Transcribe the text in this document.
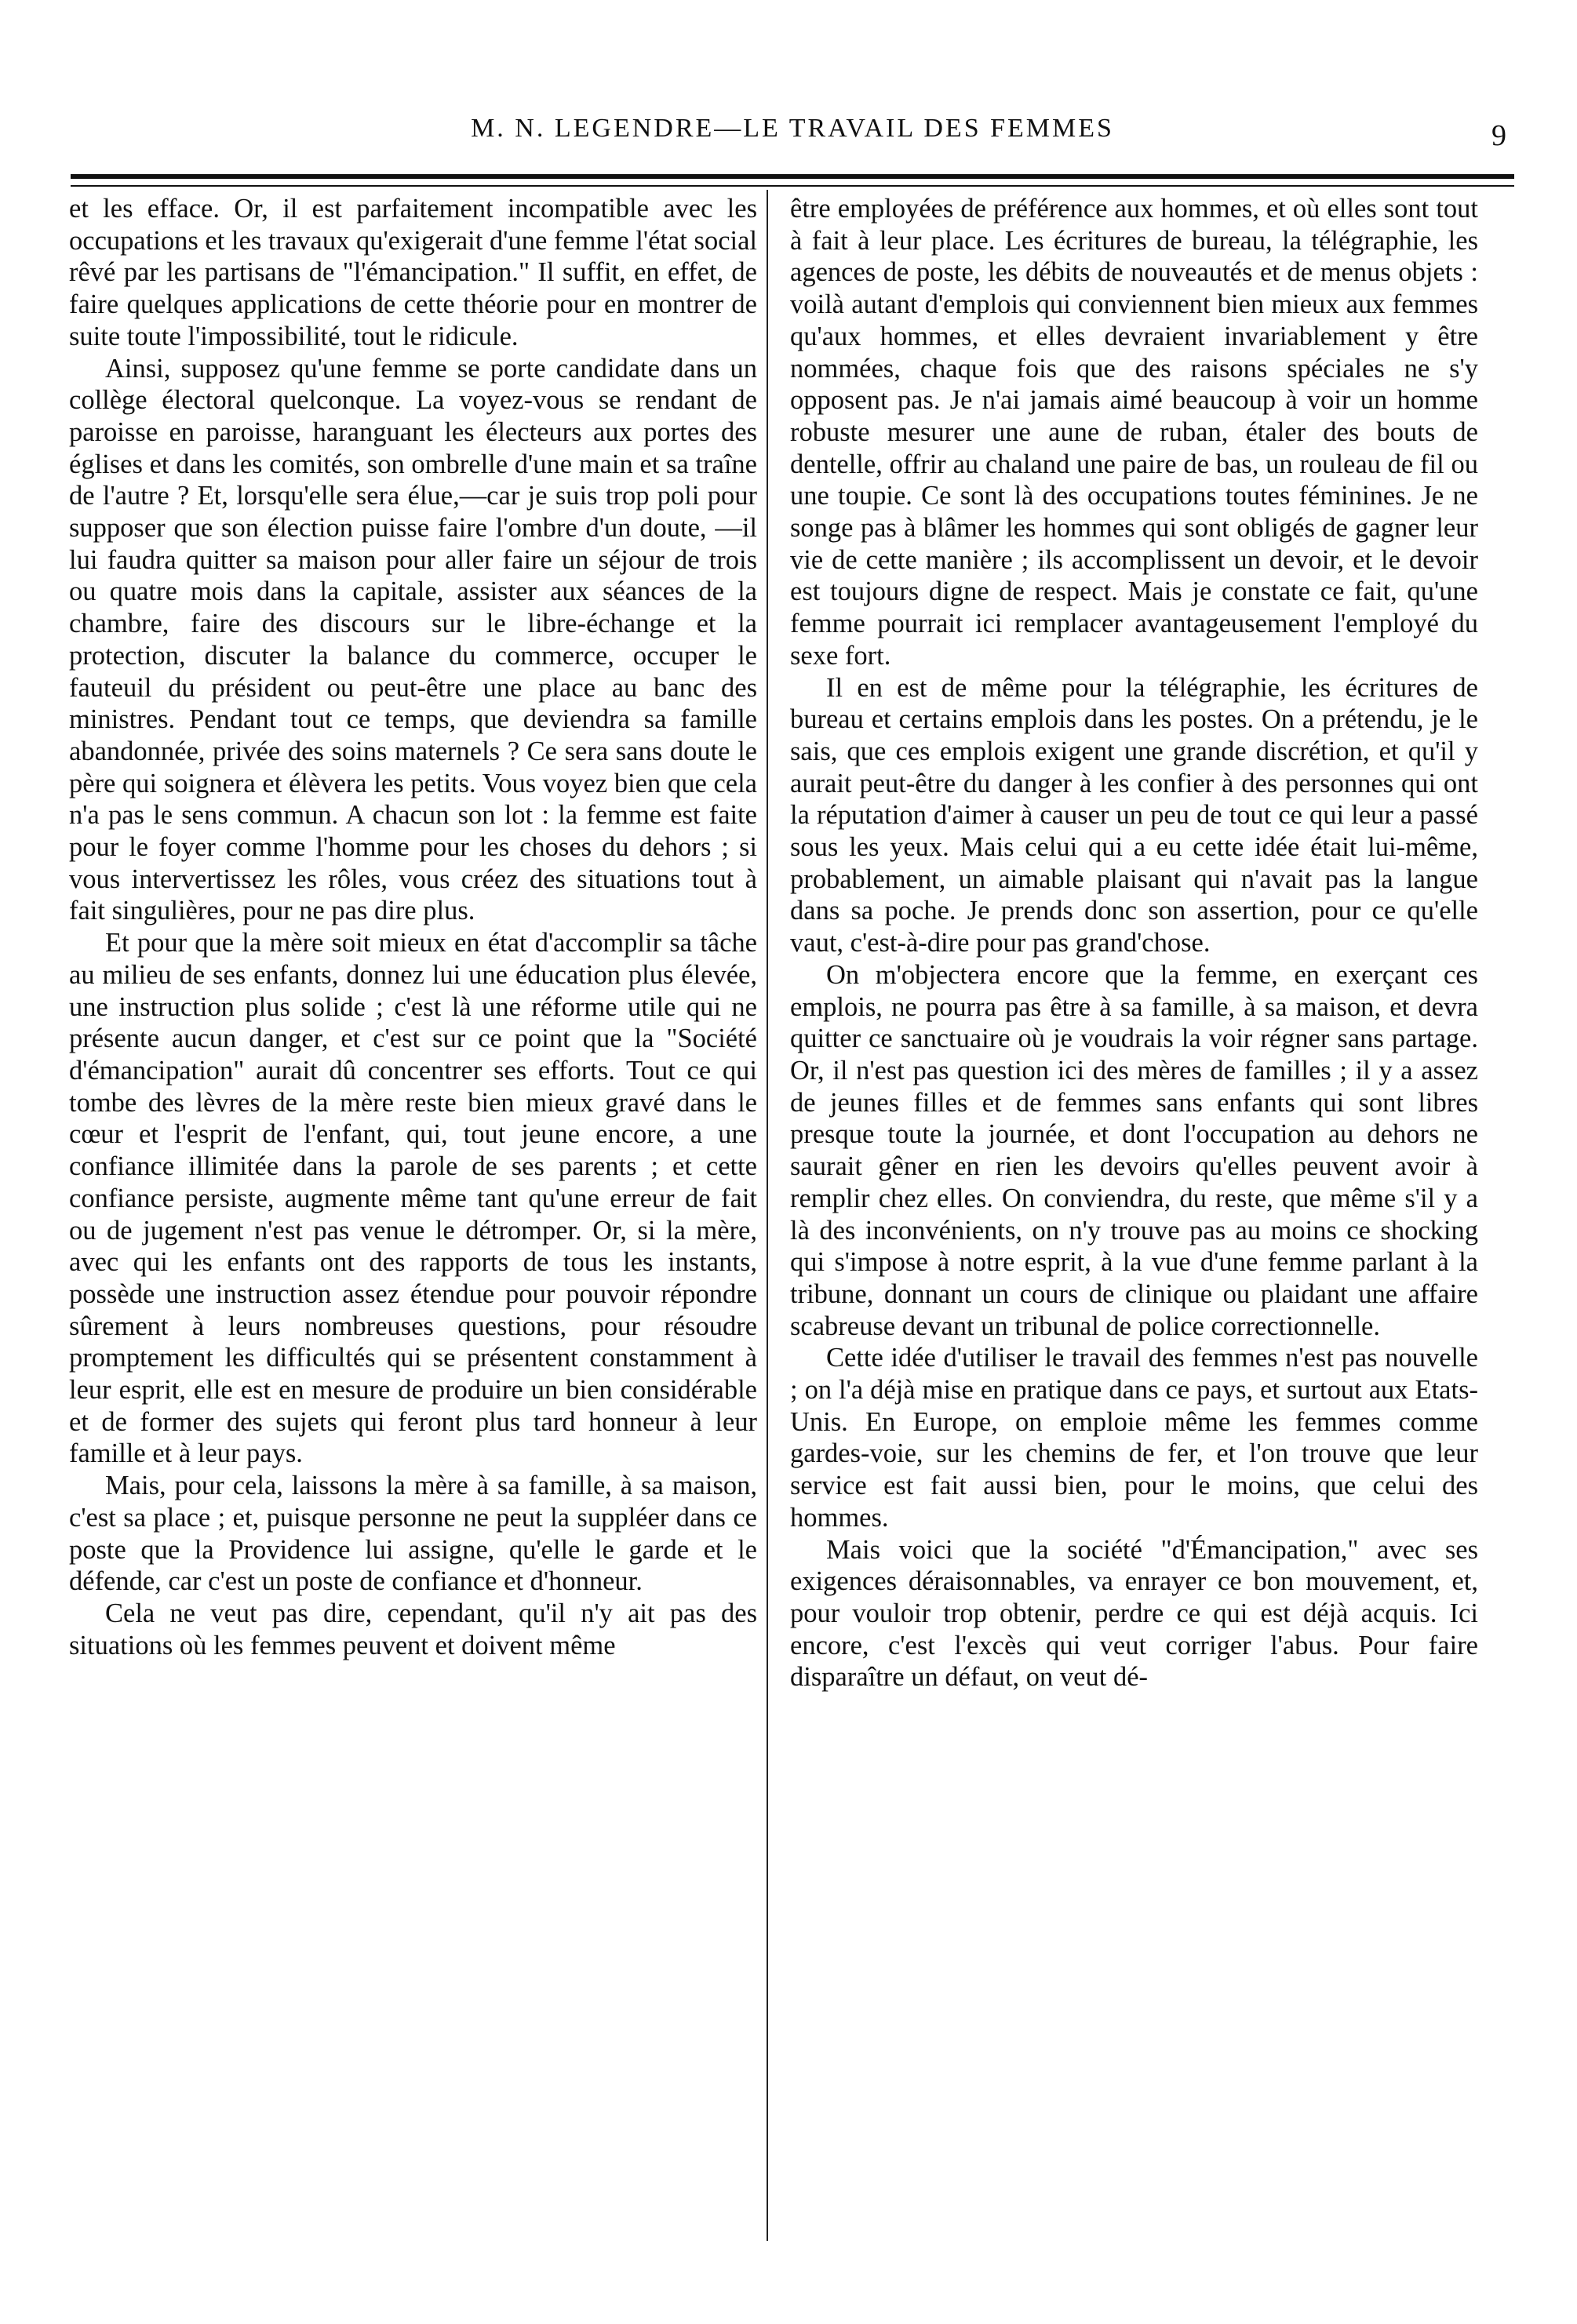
M. N. LEGENDRE—LE TRAVAIL DES FEMMES	9

et les efface. Or, il est parfaitement incompatible avec les occupations et les travaux qu'exigerait d'une femme l'état social rêvé par les partisans de "l'émancipation." Il suffit, en effet, de faire quelques applications de cette théorie pour en montrer de suite toute l'impossibilité, tout le ridicule.

Ainsi, supposez qu'une femme se porte candidate dans un collège électoral quelconque. La voyez-vous se rendant de paroisse en paroisse, haranguant les électeurs aux portes des églises et dans les comités, son ombrelle d'une main et sa traîne de l'autre ? Et, lorsqu'elle sera élue,—car je suis trop poli pour supposer que son élection puisse faire l'ombre d'un doute, —il lui faudra quitter sa maison pour aller faire un séjour de trois ou quatre mois dans la capitale, assister aux séances de la chambre, faire des discours sur le libre-échange et la protection, discuter la balance du commerce, occuper le fauteuil du président ou peut-être une place au banc des ministres. Pendant tout ce temps, que deviendra sa famille abandonnée, privée des soins maternels ? Ce sera sans doute le père qui soignera et élèvera les petits. Vous voyez bien que cela n'a pas le sens commun. A chacun son lot : la femme est faite pour le foyer comme l'homme pour les choses du dehors ; si vous intervertissez les rôles, vous créez des situations tout à fait singulières, pour ne pas dire plus.

Et pour que la mère soit mieux en état d'accomplir sa tâche au milieu de ses enfants, donnez lui une éducation plus élevée, une instruction plus solide ; c'est là une réforme utile qui ne présente aucun danger, et c'est sur ce point que la "Société d'émancipation" aurait dû concentrer ses efforts. Tout ce qui tombe des lèvres de la mère reste bien mieux gravé dans le cœur et l'esprit de l'enfant, qui, tout jeune encore, a une confiance illimitée dans la parole de ses parents ; et cette confiance persiste, augmente même tant qu'une erreur de fait ou de jugement n'est pas venue le détromper. Or, si la mère, avec qui les enfants ont des rapports de tous les instants, possède une instruction assez étendue pour pouvoir répondre sûrement à leurs nombreuses questions, pour résoudre promptement les difficultés qui se présentent constamment à leur esprit, elle est en mesure de produire un bien considérable et de former des sujets qui feront plus tard honneur à leur famille et à leur pays.

Mais, pour cela, laissons la mère à sa famille, à sa maison, c'est sa place ; et, puisque personne ne peut la suppléer dans ce poste que la Providence lui assigne, qu'elle le garde et le défende, car c'est un poste de confiance et d'honneur.

Cela ne veut pas dire, cependant, qu'il n'y ait pas des situations où les femmes peuvent et doivent même

être employées de préférence aux hommes, et où elles sont tout à fait à leur place. Les écritures de bureau, la télégraphie, les agences de poste, les débits de nouveautés et de menus objets : voilà autant d'emplois qui conviennent bien mieux aux femmes qu'aux hommes, et elles devraient invariablement y être nommées, chaque fois que des raisons spéciales ne s'y opposent pas. Je n'ai jamais aimé beaucoup à voir un homme robuste mesurer une aune de ruban, étaler des bouts de dentelle, offrir au chaland une paire de bas, un rouleau de fil ou une toupie. Ce sont là des occupations toutes féminines. Je ne songe pas à blâmer les hommes qui sont obligés de gagner leur vie de cette manière ; ils accomplissent un devoir, et le devoir est toujours digne de respect. Mais je constate ce fait, qu'une femme pourrait ici remplacer avantageusement l'employé du sexe fort.

Il en est de même pour la télégraphie, les écritures de bureau et certains emplois dans les postes. On a prétendu, je le sais, que ces emplois exigent une grande discrétion, et qu'il y aurait peut-être du danger à les confier à des personnes qui ont la réputation d'aimer à causer un peu de tout ce qui leur a passé sous les yeux. Mais celui qui a eu cette idée était lui-même, probablement, un aimable plaisant qui n'avait pas la langue dans sa poche. Je prends donc son assertion, pour ce qu'elle vaut, c'est-à-dire pour pas grand'chose.

On m'objectera encore que la femme, en exerçant ces emplois, ne pourra pas être à sa famille, à sa maison, et devra quitter ce sanctuaire où je voudrais la voir régner sans partage. Or, il n'est pas question ici des mères de familles ; il y a assez de jeunes filles et de femmes sans enfants qui sont libres presque toute la journée, et dont l'occupation au dehors ne saurait gêner en rien les devoirs qu'elles peuvent avoir à remplir chez elles. On conviendra, du reste, que même s'il y a là des inconvénients, on n'y trouve pas au moins ce shocking qui s'impose à notre esprit, à la vue d'une femme parlant à la tribune, donnant un cours de clinique ou plaidant une affaire scabreuse devant un tribunal de police correctionnelle.

Cette idée d'utiliser le travail des femmes n'est pas nouvelle ; on l'a déjà mise en pratique dans ce pays, et surtout aux Etats-Unis. En Europe, on emploie même les femmes comme gardes-voie, sur les chemins de fer, et l'on trouve que leur service est fait aussi bien, pour le moins, que celui des hommes.

Mais voici que la société "d'Émancipation," avec ses exigences déraisonnables, va enrayer ce bon mouvement, et, pour vouloir trop obtenir, perdre ce qui est déjà acquis. Ici encore, c'est l'excès qui veut corriger l'abus. Pour faire disparaître un défaut, on veut dé-
